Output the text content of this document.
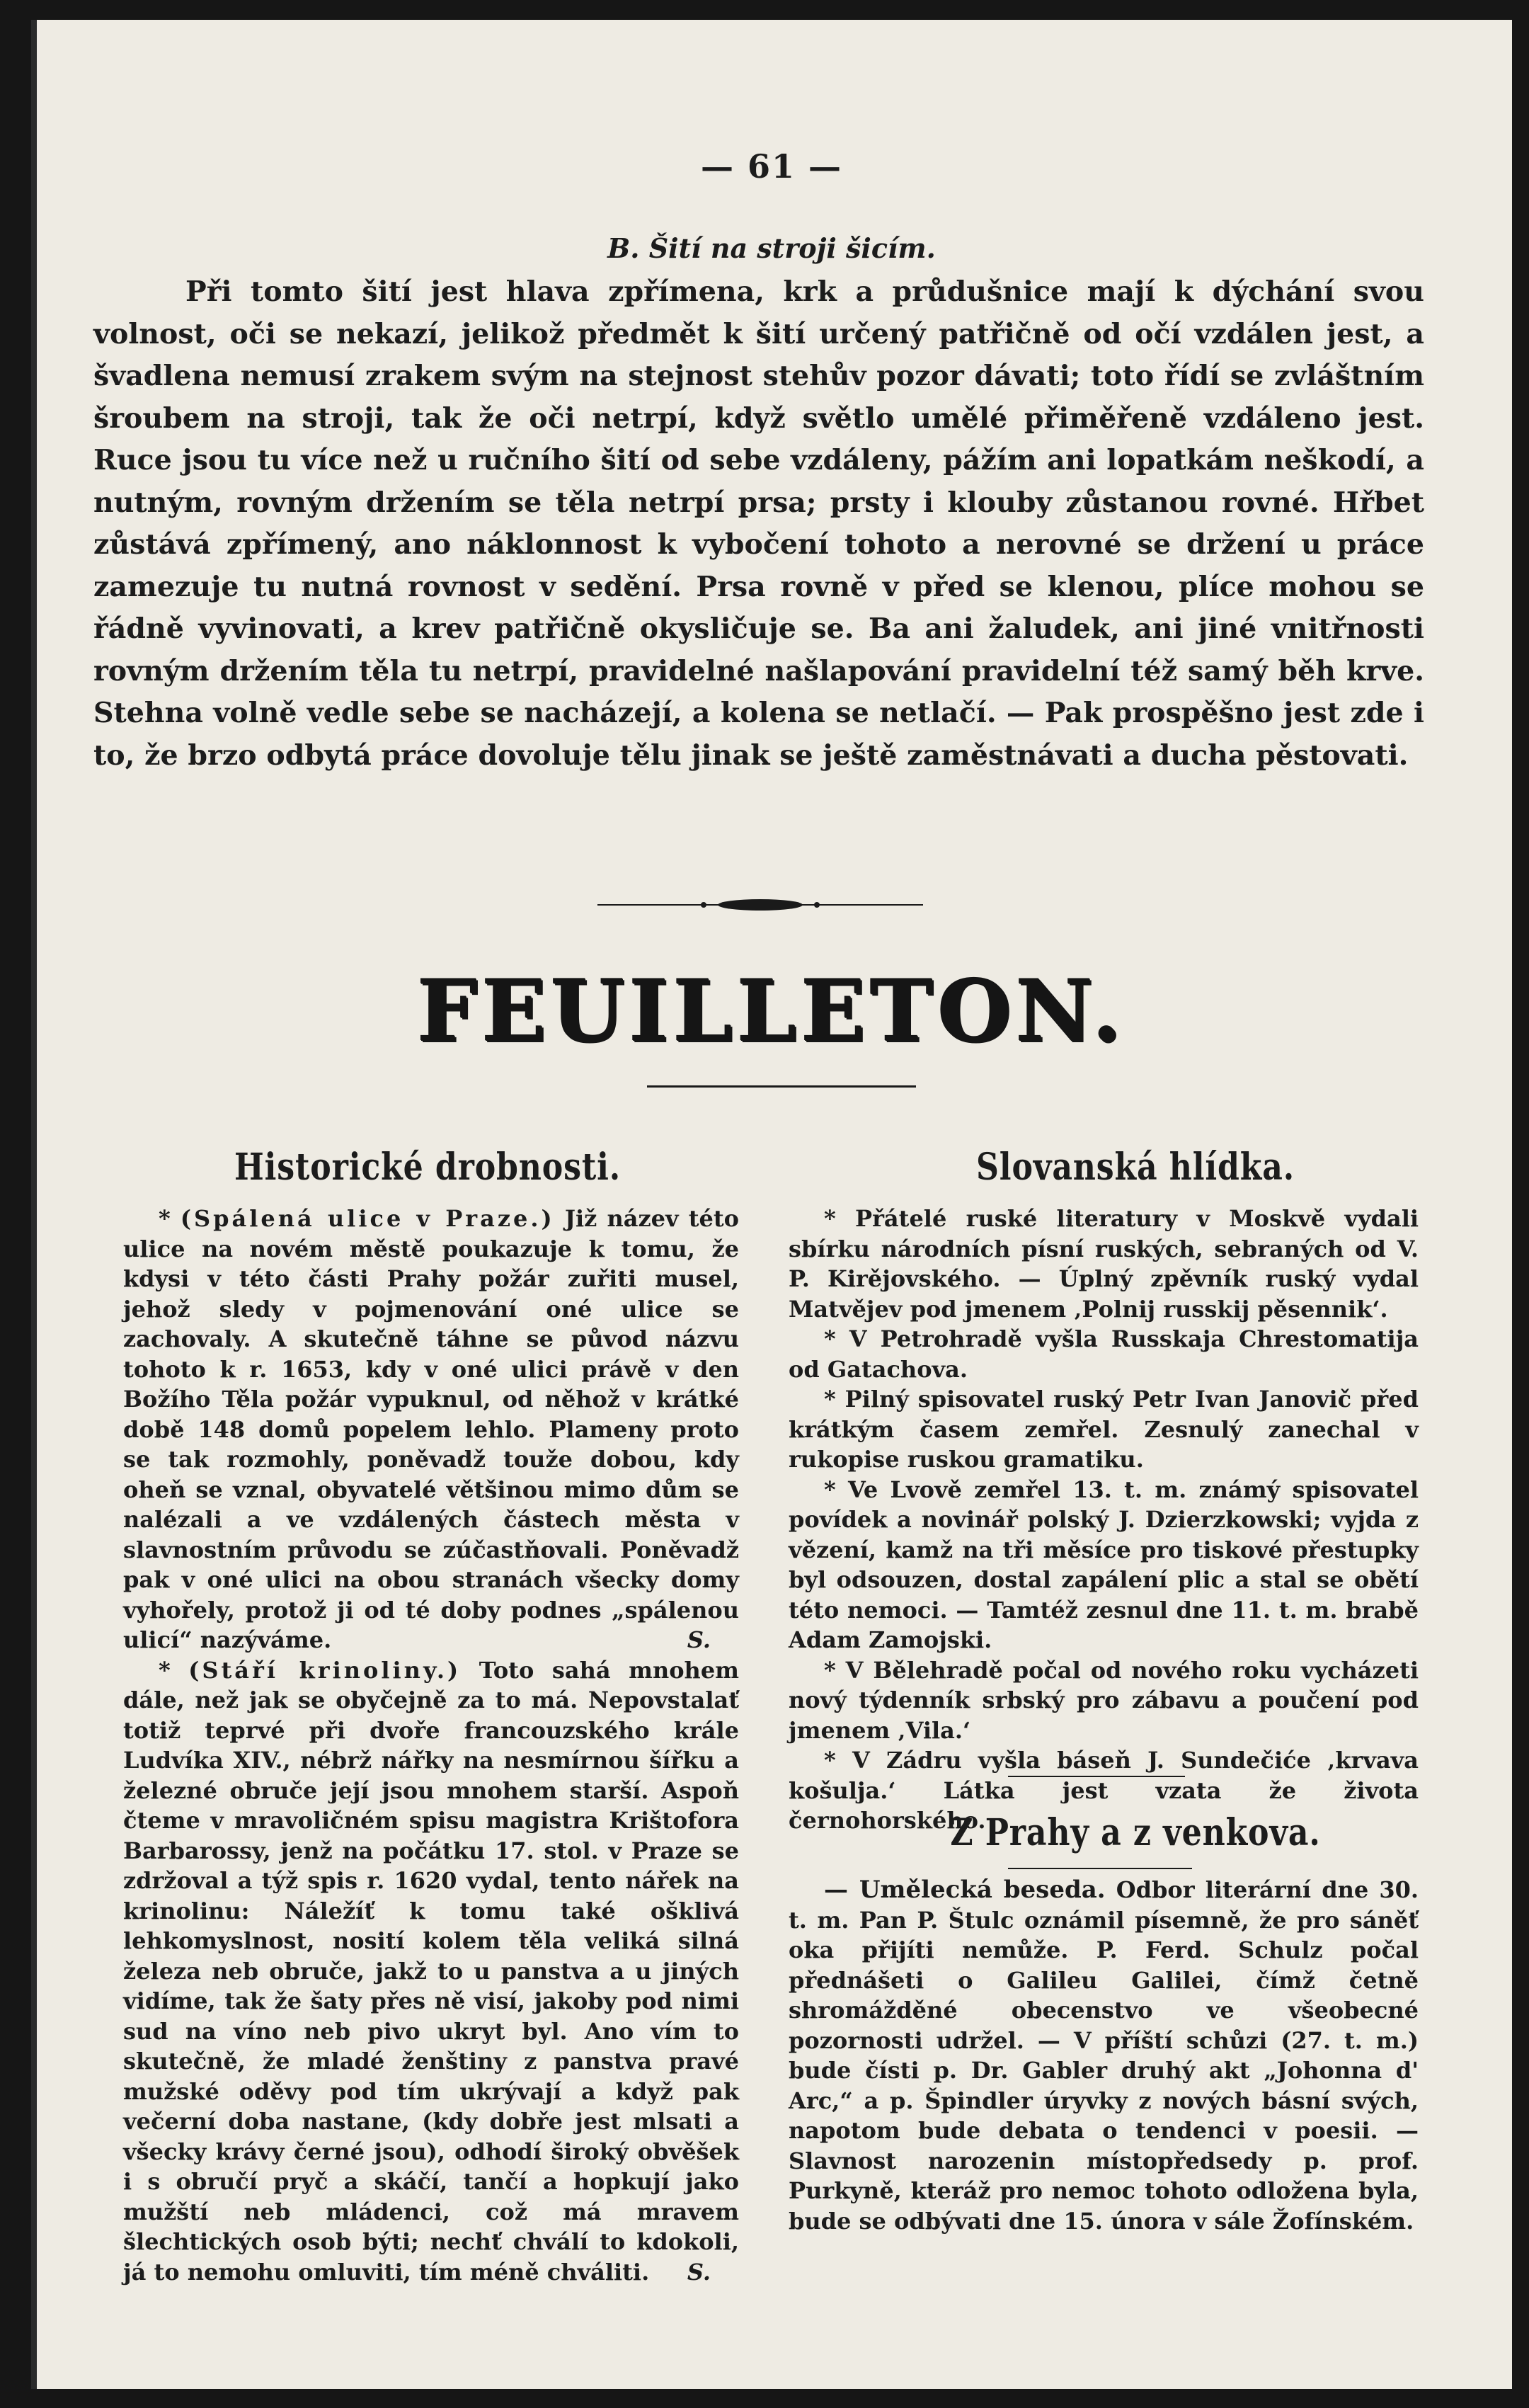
— 61 —
B. Šití na stroji šicím.

Při tomto šití jest hlava zpřímena, krk a průdušnice mají k dýchání svou volnost, oči se nekazí, jelikož předmět k šití určený patřičně od očí vzdálen jest, a švadlena nemusí zrakem svým na stejnost stehův pozor dávati; toto řídí se zvláštním šroubem na stroji, tak že oči netrpí, když světlo umělé přiměřeně vzdáleno jest. Ruce jsou tu více než u ručního šití od sebe vzdáleny, pážím ani lopatkám neškodí, a nutným, rovným držením se těla netrpí prsa; prsty i klouby zůstanou rovné. Hřbet zůstává zpřímený, ano náklonnost k vybočení tohoto a nerovné se držení u práce zamezuje tu nutná rovnost v sedění. Prsa rovně v před se klenou, plíce mohou se řádně vyvinovati, a krev patřičně okysličuje se. Ba ani žaludek, ani jiné vnitřnosti rovným držením těla tu netrpí, pravidelné našlapování pravidelní též samý běh krve. Stehna volně vedle sebe se nacházejí, a kolena se netlačí. — Pak prospěšno jest zde i to, že brzo odbytá práce dovoluje tělu jinak se ještě zaměstnávati a ducha pěstovati.

FEUILLETON.
Historické drobnosti.

* (Spálená ulice v Praze.) Již název této ulice na novém městě poukazuje k tomu, že kdysi v této části Prahy požár zuřiti musel, jehož sledy v pojmenování oné ulice se zachovaly. A skutečně táhne se původ názvu tohoto k r. 1653, kdy v oné ulici právě v den Božího Těla požár vypuknul, od něhož v krátké době 148 domů popelem lehlo. Plameny proto se tak rozmohly, poněvadž touže dobou, kdy oheň se vznal, obyvatelé většinou mimo dům se nalézali a ve vzdálených částech města v slavnostním průvodu se zúčastňovali. Poněvadž pak v oné ulici na obou stranách všecky domy vyhořely, protož ji od té doby podnes „spálenou ulicí“ nazýváme.	S.

* (Stáří krinoliny.) Toto sahá mnohem dále, než jak se obyčejně za to má. Nepovstalať totiž teprvé při dvoře francouzského krále Ludvíka XIV., nébrž nářky na nesmírnou šířku a železné obruče její jsou mnohem starší. Aspoň čteme v mravoličném spisu magistra Krištofora Barbarossy, jenž na počátku 17. stol. v Praze se zdržoval a týž spis r. 1620 vydal, tento nářek na krinolinu: Náležíť k tomu také ošklivá lehkomyslnost, nosití kolem těla veliká silná železa neb obruče, jakž to u panstva a u jiných vidíme, tak že šaty přes ně visí, jakoby pod nimi sud na víno neb pivo ukryt byl. Ano vím to skutečně, že mladé ženštiny z panstva pravé mužské oděvy pod tím ukrývají a když pak večerní doba nastane, (kdy dobře jest mlsati a všecky krávy černé jsou), odhodí široký obvěšek i s obručí pryč a skáčí, tančí a hopkují jako mužští neb mládenci, což má mravem šlechtických osob býti; nechť chválí to kdokoli, já to nemohu omluviti, tím méně chváliti.	S.

Slovanská hlídka.

* Přátelé ruské literatury v Moskvě vydali sbírku národních písní ruských, sebraných od V. P. Kirějovského. — Úplný zpěvník ruský vydal Matvějev pod jmenem ‚Polnij russkij pěsennik‘.

* V Petrohradě vyšla Russkaja Chrestomatija od Gatachova.

* Pilný spisovatel ruský Petr Ivan Janovič před krátkým časem zemřel. Zesnulý zanechal v rukopise ruskou gramatiku.

* Ve Lvově zemřel 13. t. m. známý spisovatel povídek a novinář polský J. Dzierzkowski; vyjda z vězení, kamž na tři měsíce pro tiskové přestupky byl odsouzen, dostal zapálení plic a stal se obětí této nemoci. — Tamtéž zesnul dne 11. t. m. brabě Adam Zamojski.

* V Bělehradě počal od nového roku vycházeti nový týdenník srbský pro zábavu a poučení pod jmenem ‚Vila.‘

* V Zádru vyšla báseň J. Sundečiće ‚krvava košulja.‘ Látka jest vzata že života černohorského.

Z Prahy a z venkova.

— Umělecká beseda. Odbor literární dne 30. t. m. Pan P. Štulc oznámil písemně, že pro sáněť oka přijíti nemůže. P. Ferd. Schulz počal přednášeti o Galileu Galilei, čímž četně shromážděné obecenstvo ve všeobecné pozornosti udržel. — V příští schůzi (27. t. m.) bude čísti p. Dr. Gabler druhý akt „Johonna d' Arc,“ a p. Špindler úryvky z nových básní svých, napotom bude debata o tendenci v poesii. — Slavnost narozenin místopředsedy p. prof. Purkyně, kteráž pro nemoc tohoto odložena byla, bude se odbývati dne 15. února v sále Žofínském.
